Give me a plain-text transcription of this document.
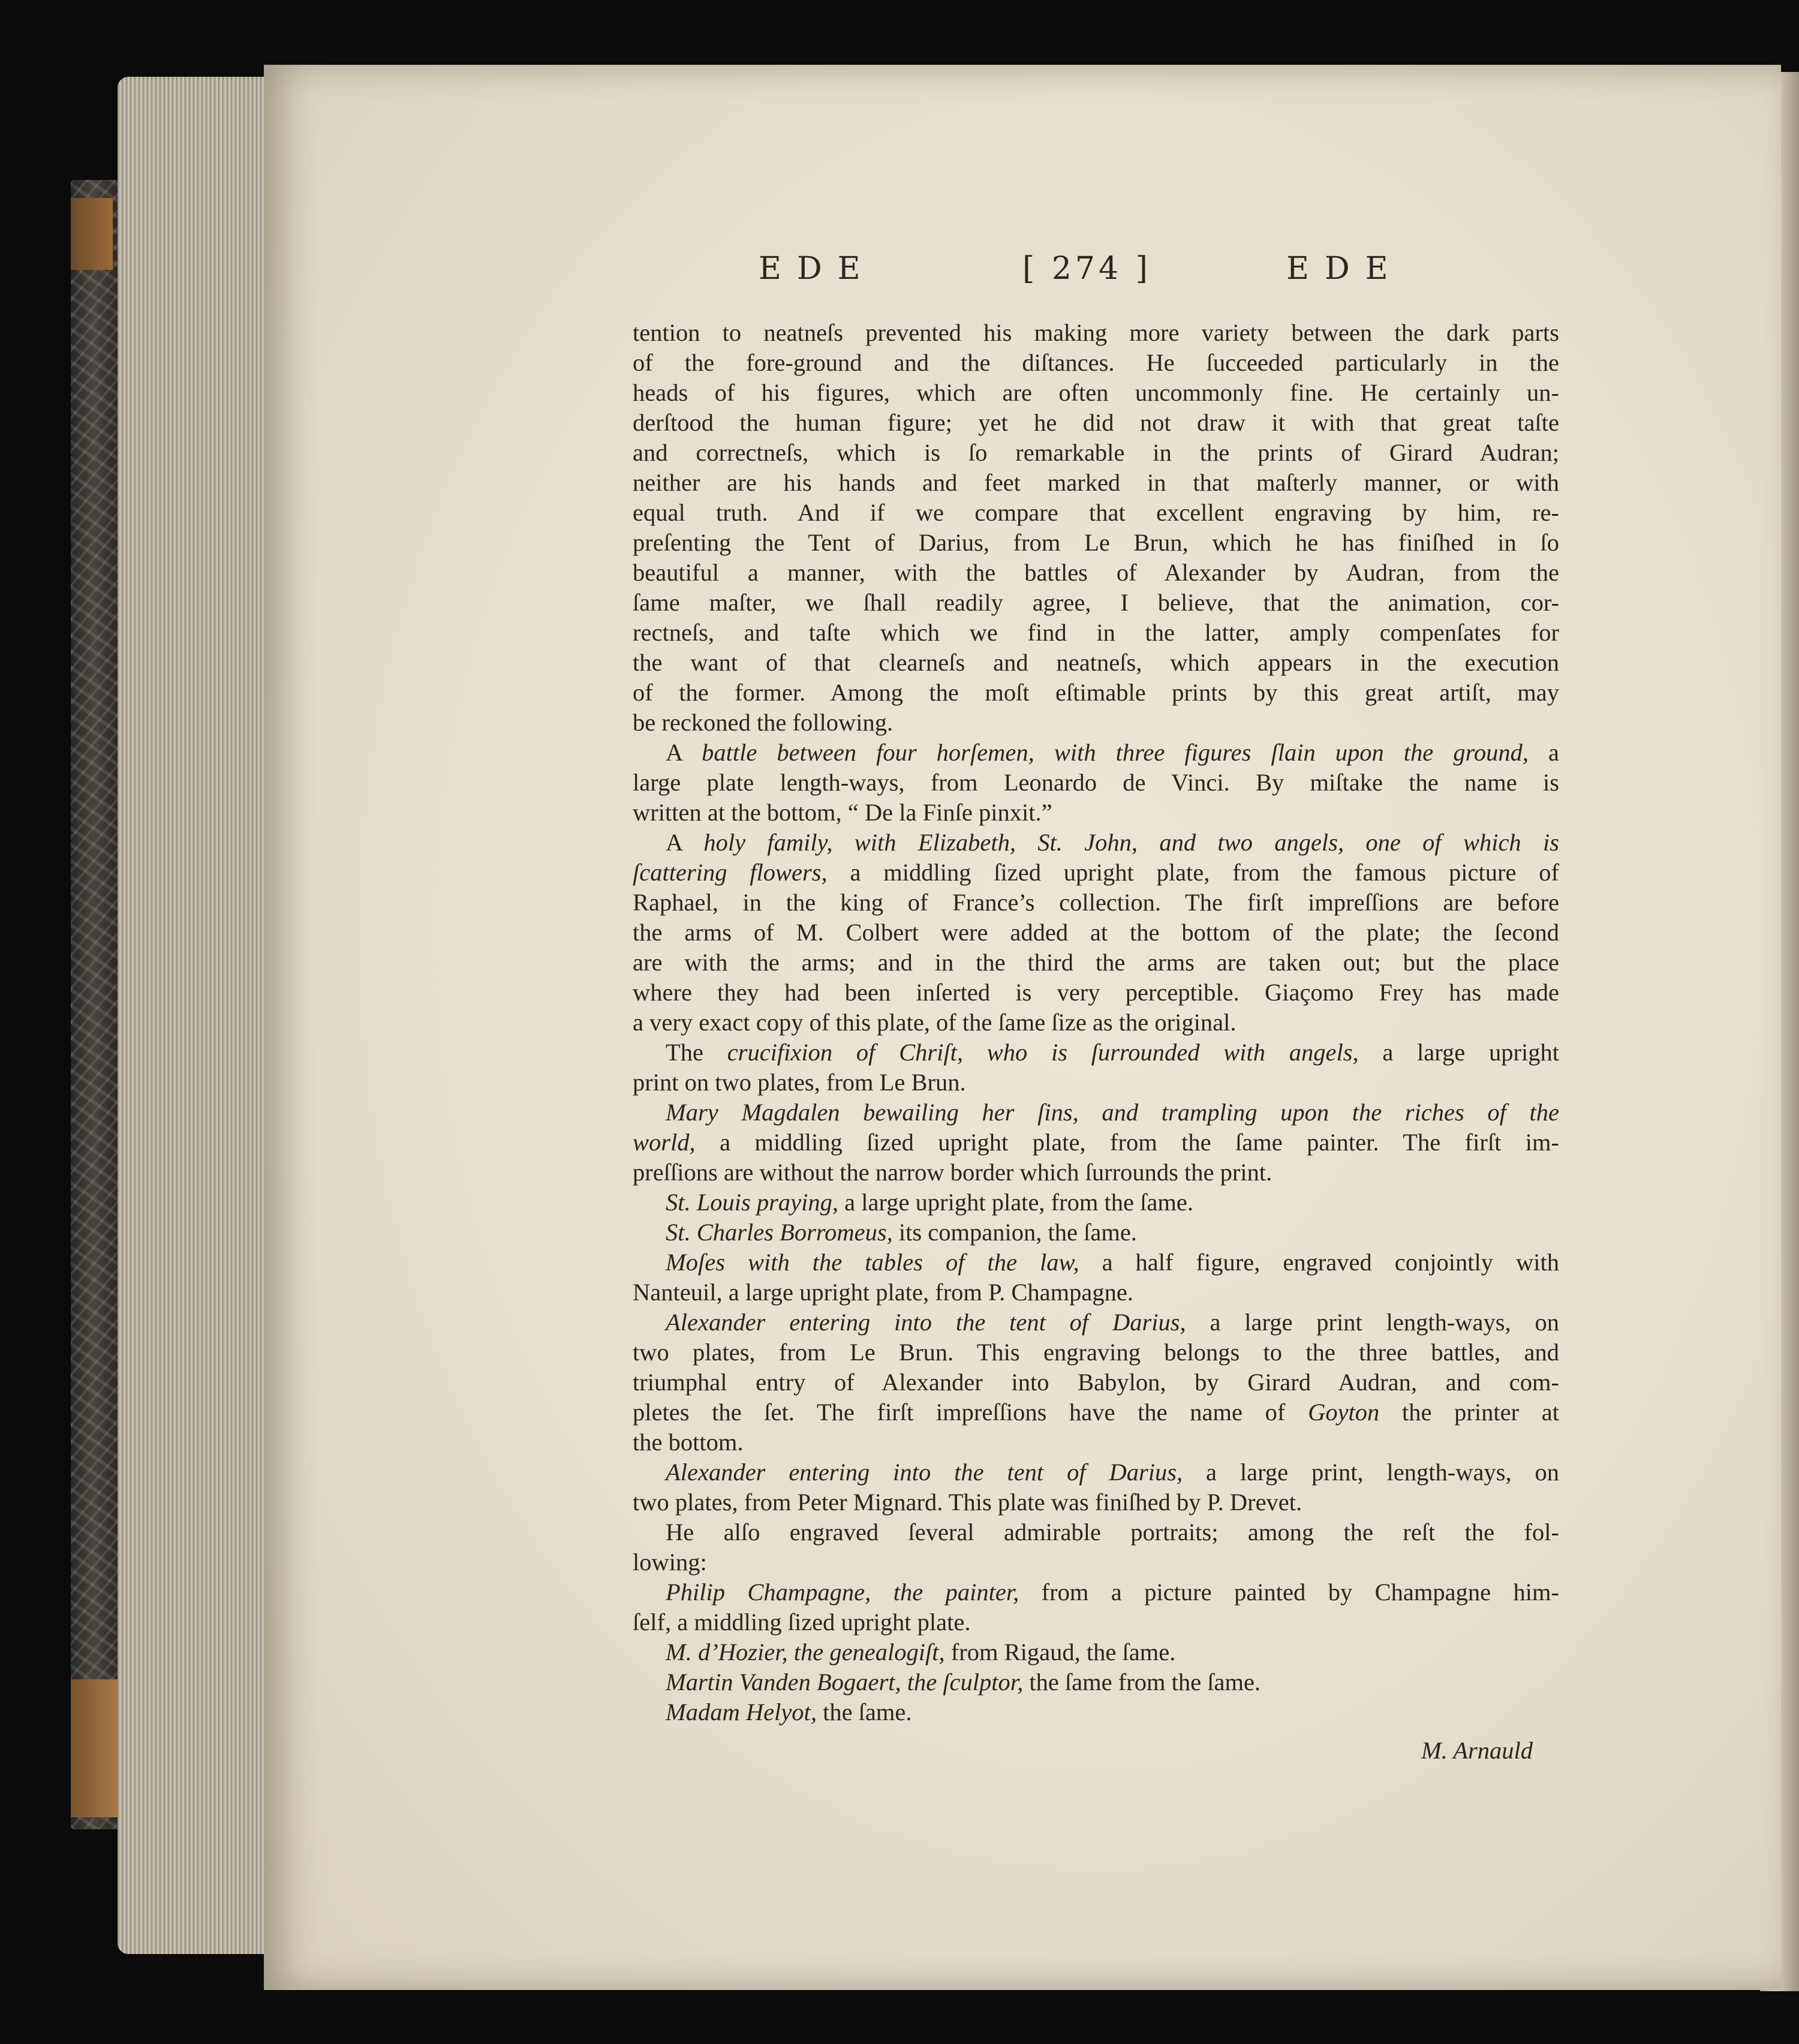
EDE	[ 274 ]	EDE
tention to neatneſs prevented his making more variety between the dark parts
of the fore-ground and the diſtances. He ſucceeded particularly in the
heads of his figures, which are often uncommonly fine. He certainly un-
derſtood the human figure; yet he did not draw it with that great taſte
and correctneſs, which is ſo remarkable in the prints of Girard Audran;
neither are his hands and feet marked in that maſterly manner, or with
equal truth. And if we compare that excellent engraving by him, re-
preſenting the Tent of Darius, from Le Brun, which he has finiſhed in ſo
beautiful a manner, with the battles of Alexander by Audran, from the
ſame maſter, we ſhall readily agree, I believe, that the animation, cor-
rectneſs, and taſte which we find in the latter, amply compenſates for
the want of that clearneſs and neatneſs, which appears in the execution
of the former. Among the moſt eſtimable prints by this great artiſt, may
be reckoned the following.
A battle between four horſemen, with three figures ſlain upon the ground, a
large plate length-ways, from Leonardo de Vinci. By miſtake the name is
written at the bottom, “ De la Finſe pinxit.”
A holy family, with Elizabeth, St. John, and two angels, one of which is
ſcattering flowers, a middling ſized upright plate, from the famous picture of
Raphael, in the king of France’s collection. The firſt impreſſions are before
the arms of M. Colbert were added at the bottom of the plate; the ſecond
are with the arms; and in the third the arms are taken out; but the place
where they had been inſerted is very perceptible. Giaçomo Frey has made
a very exact copy of this plate, of the ſame ſize as the original.
The crucifixion of Chriſt, who is ſurrounded with angels, a large upright
print on two plates, from Le Brun.
Mary Magdalen bewailing her ſins, and trampling upon the riches of the
world, a middling ſized upright plate, from the ſame painter. The firſt im-
preſſions are without the narrow border which ſurrounds the print.
St. Louis praying, a large upright plate, from the ſame.
St. Charles Borromeus, its companion, the ſame.
Moſes with the tables of the law, a half figure, engraved conjointly with
Nanteuil, a large upright plate, from P. Champagne.
Alexander entering into the tent of Darius, a large print length-ways, on
two plates, from Le Brun. This engraving belongs to the three battles, and
triumphal entry of Alexander into Babylon, by Girard Audran, and com-
pletes the ſet. The firſt impreſſions have the name of Goyton the printer at
the bottom.
Alexander entering into the tent of Darius, a large print, length-ways, on
two plates, from Peter Mignard. This plate was finiſhed by P. Drevet.
He alſo engraved ſeveral admirable portraits; among the reſt the fol-
lowing:
Philip Champagne, the painter, from a picture painted by Champagne him-
ſelf, a middling ſized upright plate.
M. d’Hozier, the genealogiſt, from Rigaud, the ſame.
Martin Vanden Bogaert, the ſculptor, the ſame from the ſame.
Madam Helyot, the ſame.
M. Arnauld
